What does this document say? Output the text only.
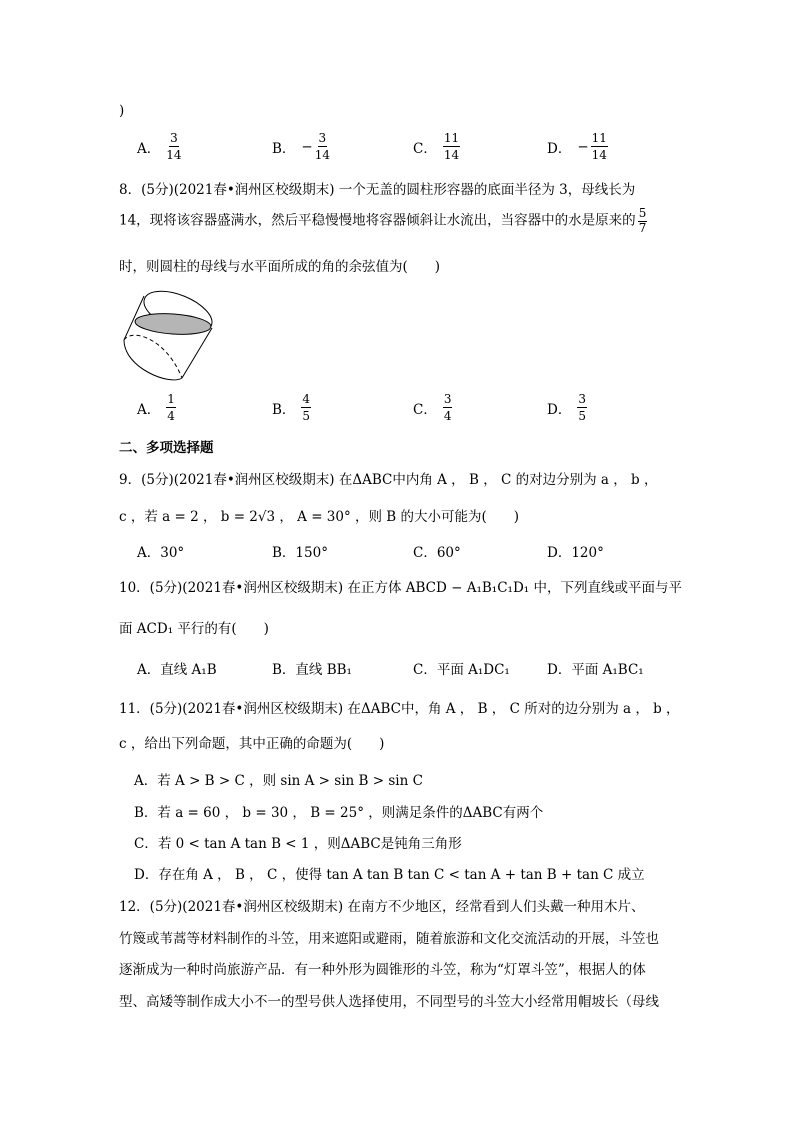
)
A． $\frac{3}{14}$	B． − $\frac{3}{14}$	C． $\frac{11}{14}$	D． − $\frac{11}{14}$
8．(5分)(2021春•润州区校级期末) 一个无盖的圆柱形容器的底面半径为 3，母线长为
14，现将该容器盛满水，然后平稳慢慢地将容器倾斜让水流出，当容器中的水是原来的 $\frac{5}{7}$
时，则圆柱的母线与水平面所成的角的余弦值为(　　)
A． $\frac{1}{4}$	B． $\frac{4}{5}$	C． $\frac{3}{4}$	D． $\frac{3}{5}$
二、多项选择题
9．(5分)(2021春•润州区校级期末) 在ΔABC中内角 A ， B ， C 的对边分别为 a ， b ，
c ，若 a = 2 ， b = 2√3 ， A = 30° ，则 B 的大小可能为(　　)
A．30°	B．150°	C．60°	D．120°
10．(5分)(2021春•润州区校级期末) 在正方体 ABCD − A₁B₁C₁D₁ 中，下列直线或平面与平
面 ACD₁ 平行的有(　　)
A．直线 A₁B	B．直线 BB₁	C．平面 A₁DC₁	D．平面 A₁BC₁
11．(5分)(2021春•润州区校级期末) 在ΔABC中，角 A ， B ， C 所对的边分别为 a ， b ，
c ，给出下列命题，其中正确的命题为(　　)
A．若 A > B > C ，则 sin A > sin B > sin C
B．若 a = 60 ， b = 30 ， B = 25° ，则满足条件的ΔABC有两个
C．若 0 < tan A tan B < 1 ，则ΔABC是钝角三角形
D．存在角 A ， B ， C ，使得 tan A tan B tan C < tan A + tan B + tan C 成立
12．(5分)(2021春•润州区校级期末) 在南方不少地区，经常看到人们头戴一种用木片、
竹篾或苇蒿等材料制作的斗笠，用来遮阳或避雨，随着旅游和文化交流活动的开展，斗笠也
逐渐成为一种时尚旅游产品．有一种外形为圆锥形的斗笠，称为“灯罩斗笠”，根据人的体
型、高矮等制作成大小不一的型号供人选择使用，不同型号的斗笠大小经常用帽坡长（母线
